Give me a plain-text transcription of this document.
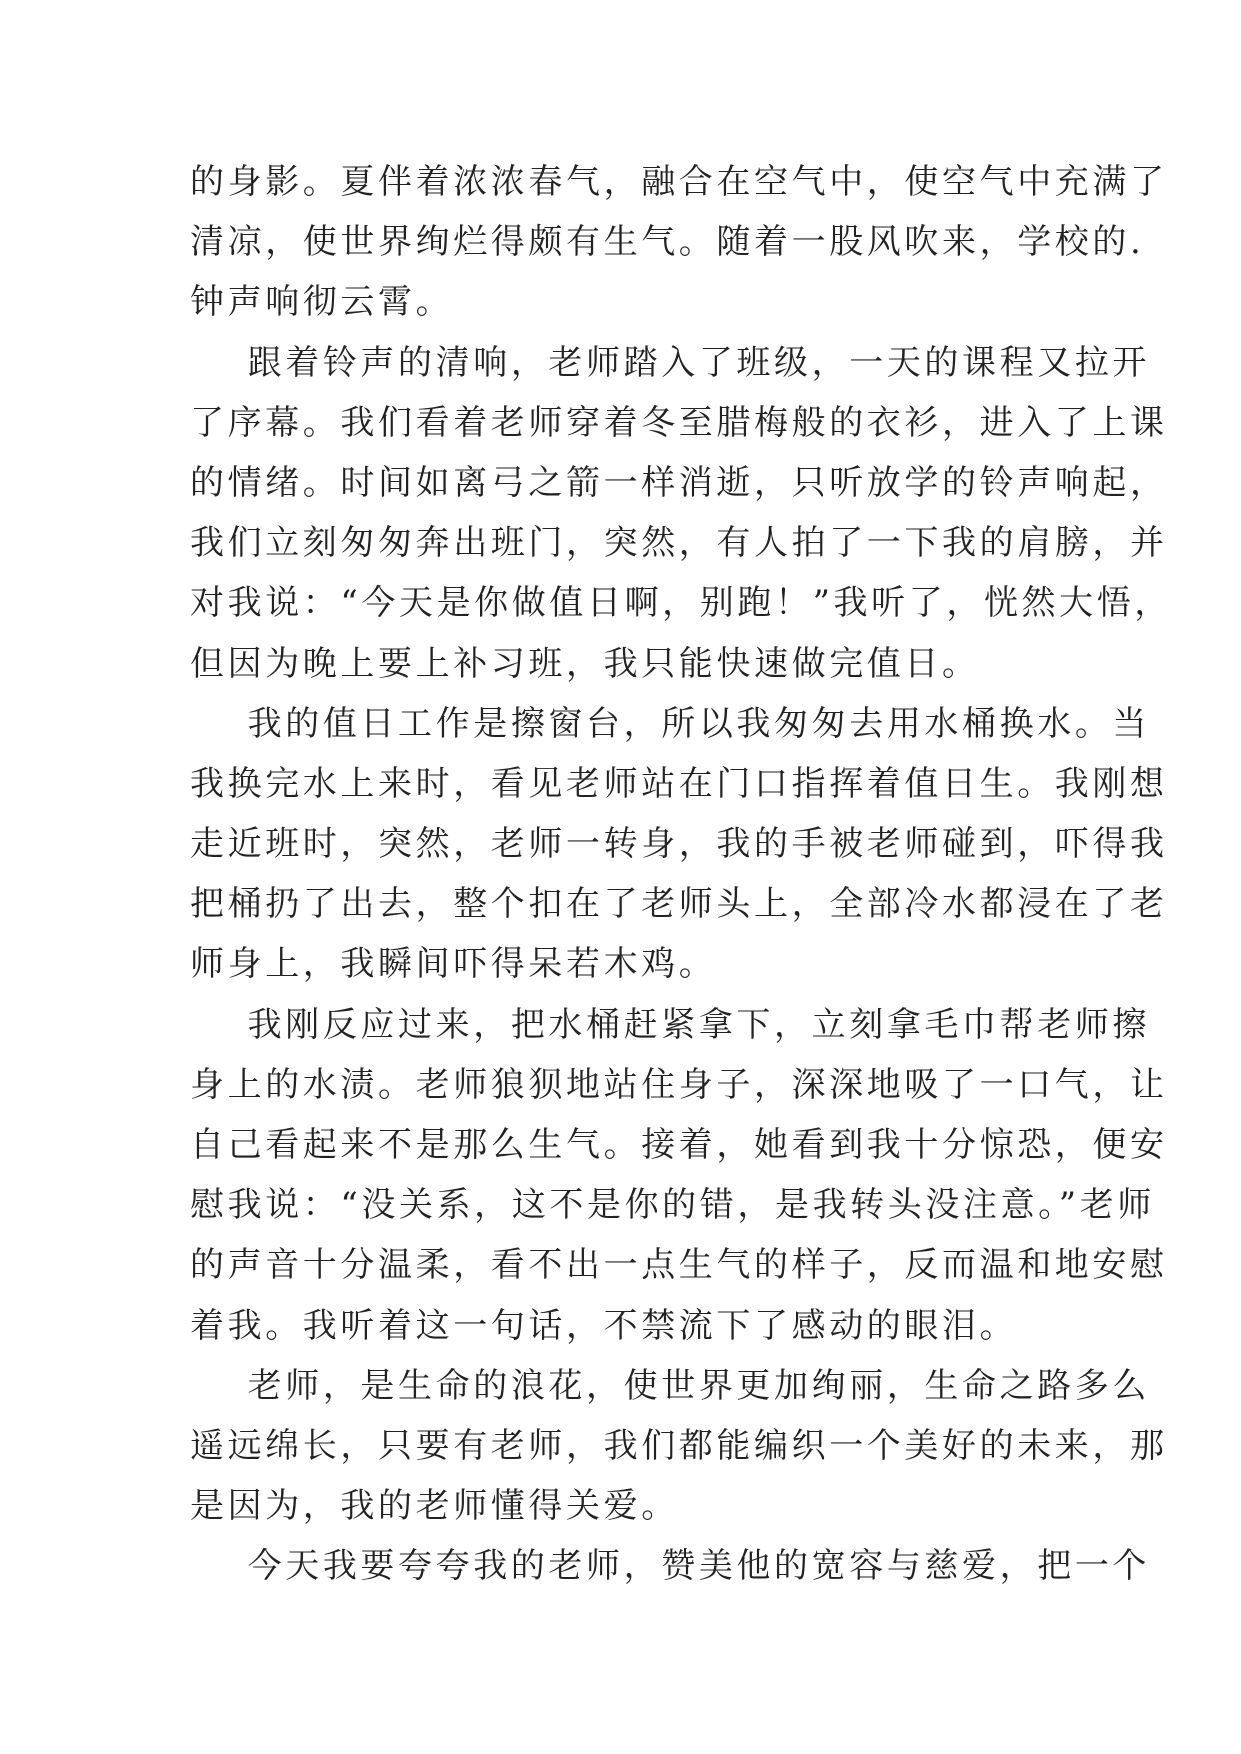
的身影。夏伴着浓浓春气，融合在空气中，使空气中充满了
清凉，使世界绚烂得颇有生气。随着一股风吹来，学校的.
钟声响彻云霄。
跟着铃声的清响，老师踏入了班级，一天的课程又拉开
了序幕。我们看着老师穿着冬至腊梅般的衣衫，进入了上课
的情绪。时间如离弓之箭一样消逝，只听放学的铃声响起，
我们立刻匆匆奔出班门，突然，有人拍了一下我的肩膀，并
对我说：“今天是你做值日啊，别跑！”我听了，恍然大悟，
但因为晚上要上补习班，我只能快速做完值日。
我的值日工作是擦窗台，所以我匆匆去用水桶换水。当
我换完水上来时，看见老师站在门口指挥着值日生。我刚想
走近班时，突然，老师一转身，我的手被老师碰到，吓得我
把桶扔了出去，整个扣在了老师头上，全部冷水都浸在了老
师身上，我瞬间吓得呆若木鸡。
我刚反应过来，把水桶赶紧拿下，立刻拿毛巾帮老师擦
身上的水渍。老师狼狈地站住身子，深深地吸了一口气，让
自己看起来不是那么生气。接着，她看到我十分惊恐，便安
慰我说：“没关系，这不是你的错，是我转头没注意。”老师
的声音十分温柔，看不出一点生气的样子，反而温和地安慰
着我。我听着这一句话，不禁流下了感动的眼泪。
老师，是生命的浪花，使世界更加绚丽，生命之路多么
遥远绵长，只要有老师，我们都能编织一个美好的未来，那
是因为，我的老师懂得关爱。
今天我要夸夸我的老师，赞美他的宽容与慈爱，把一个
